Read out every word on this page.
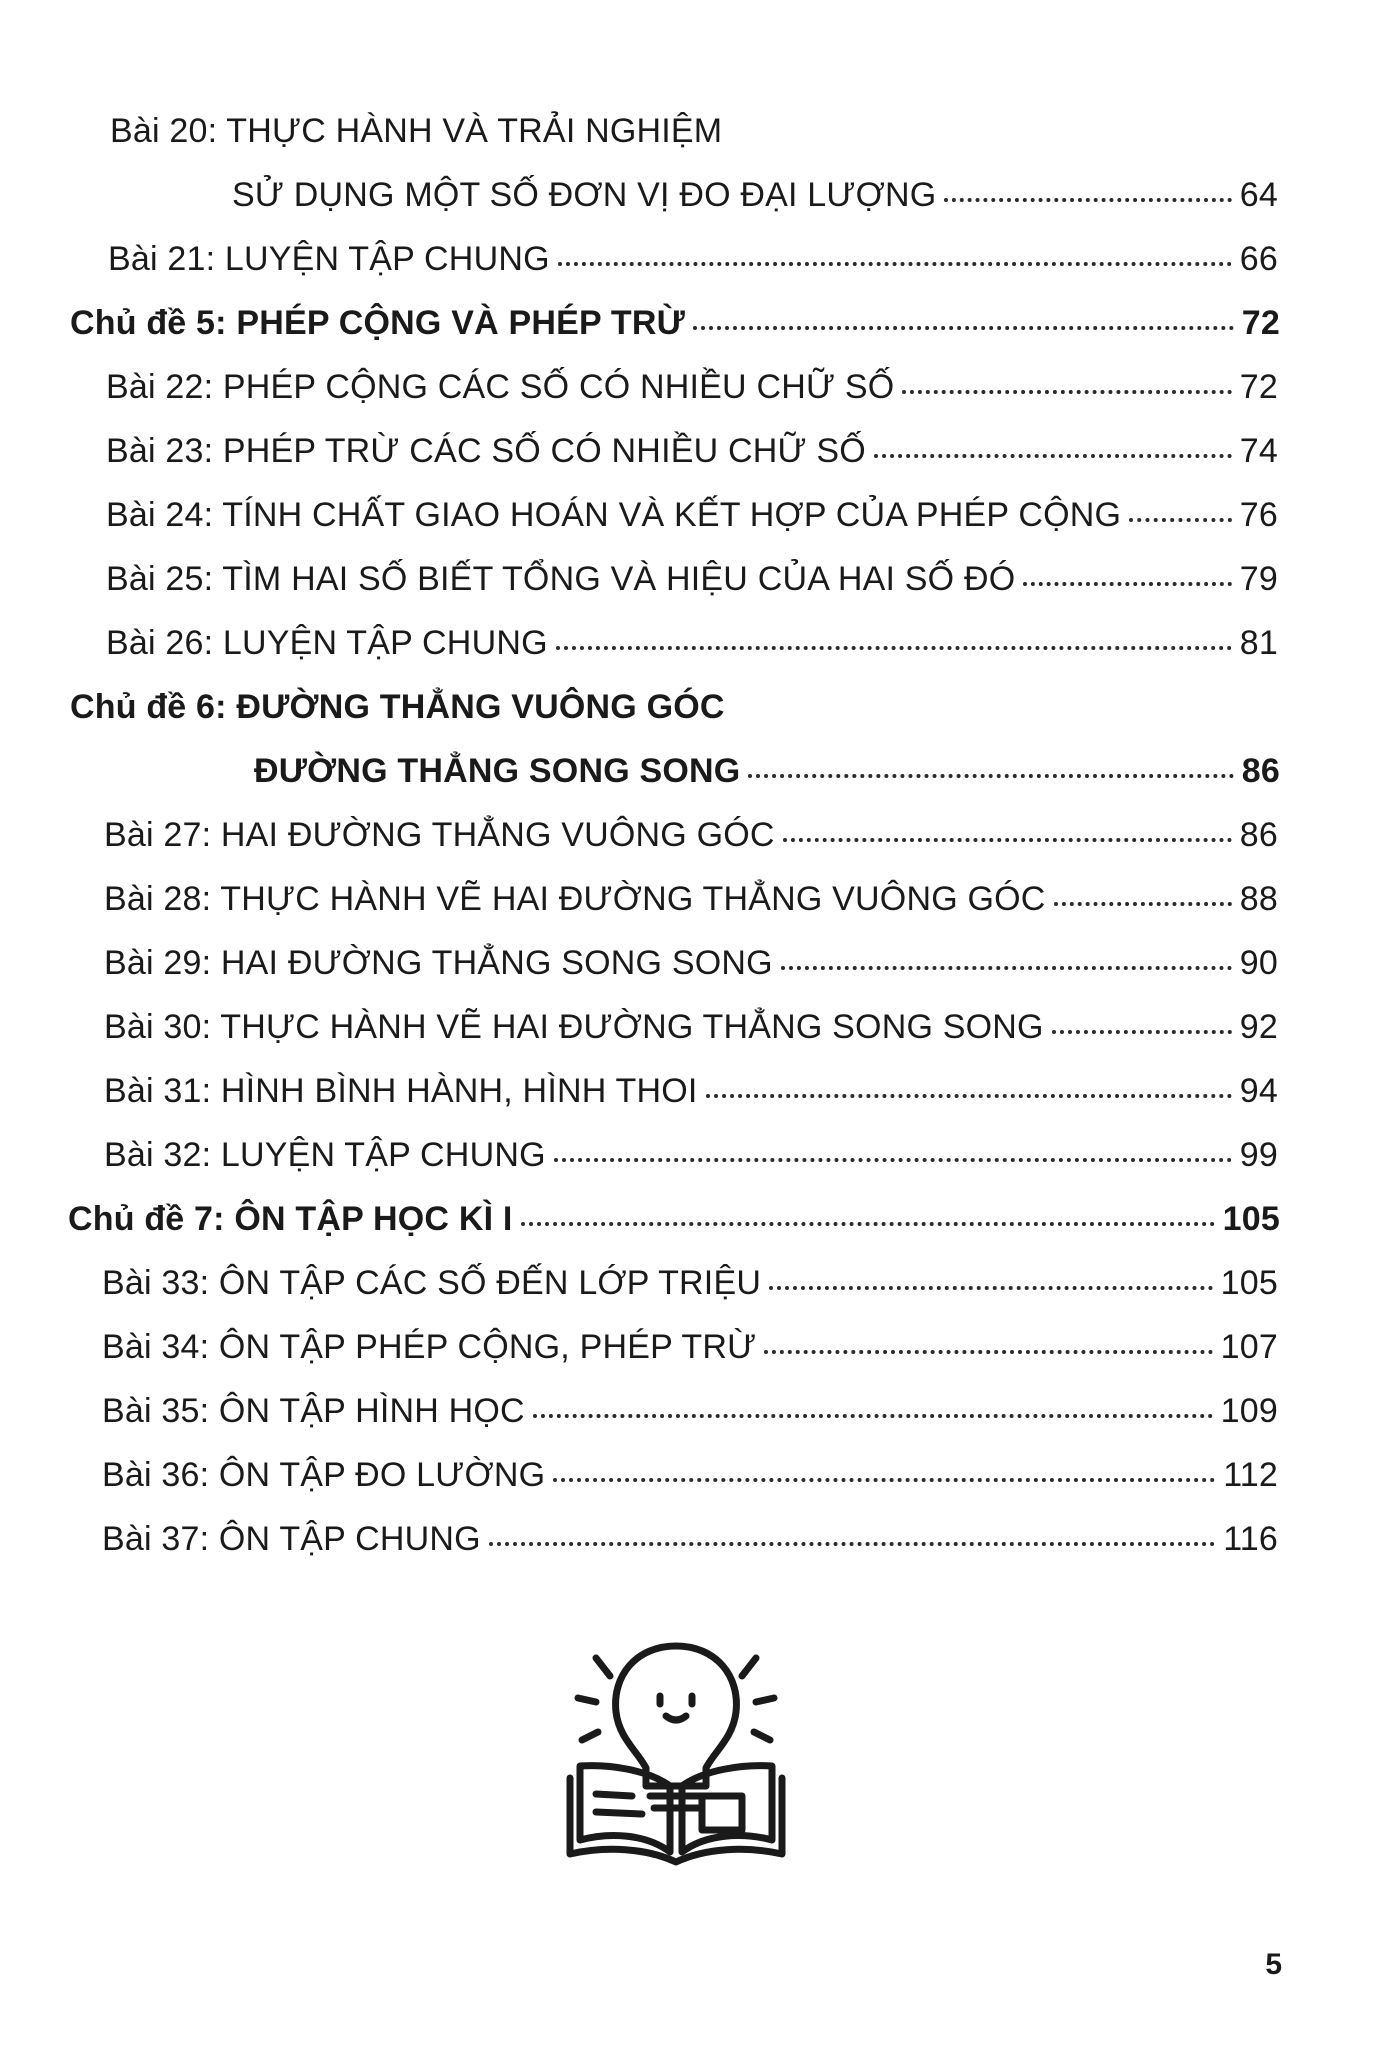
Bài 20: THỰC HÀNH VÀ TRẢI NGHIỆM
SỬ DỤNG MỘT SỐ ĐƠN VỊ ĐO ĐẠI LƯỢNG	64
Bài 21: LUYỆN TẬP CHUNG	66
Chủ đề 5: PHÉP CỘNG VÀ PHÉP TRỪ	72
Bài 22: PHÉP CỘNG CÁC SỐ CÓ NHIỀU CHỮ SỐ	72
Bài 23: PHÉP TRỪ CÁC SỐ CÓ NHIỀU CHỮ SỐ	74
Bài 24: TÍNH CHẤT GIAO HOÁN VÀ KẾT HỢP CỦA PHÉP CỘNG	76
Bài 25: TÌM HAI SỐ BIẾT TỔNG VÀ HIỆU CỦA HAI SỐ ĐÓ	79
Bài 26: LUYỆN TẬP CHUNG	81
Chủ đề 6: ĐƯỜNG THẲNG VUÔNG GÓC
ĐƯỜNG THẲNG SONG SONG	86
Bài 27: HAI ĐƯỜNG THẲNG VUÔNG GÓC	86
Bài 28: THỰC HÀNH VẼ HAI ĐƯỜNG THẲNG VUÔNG GÓC	88
Bài 29: HAI ĐƯỜNG THẲNG SONG SONG	90
Bài 30: THỰC HÀNH VẼ HAI ĐƯỜNG THẲNG SONG SONG	92
Bài 31: HÌNH BÌNH HÀNH, HÌNH THOI	94
Bài 32: LUYỆN TẬP CHUNG	99
Chủ đề 7: ÔN TẬP HỌC KÌ I	105
Bài 33: ÔN TẬP CÁC SỐ ĐẾN LỚP TRIỆU	105
Bài 34: ÔN TẬP PHÉP CỘNG, PHÉP TRỪ	107
Bài 35: ÔN TẬP HÌNH HỌC	109
Bài 36: ÔN TẬP ĐO LƯỜNG	112
Bài 37: ÔN TẬP CHUNG	116
5
